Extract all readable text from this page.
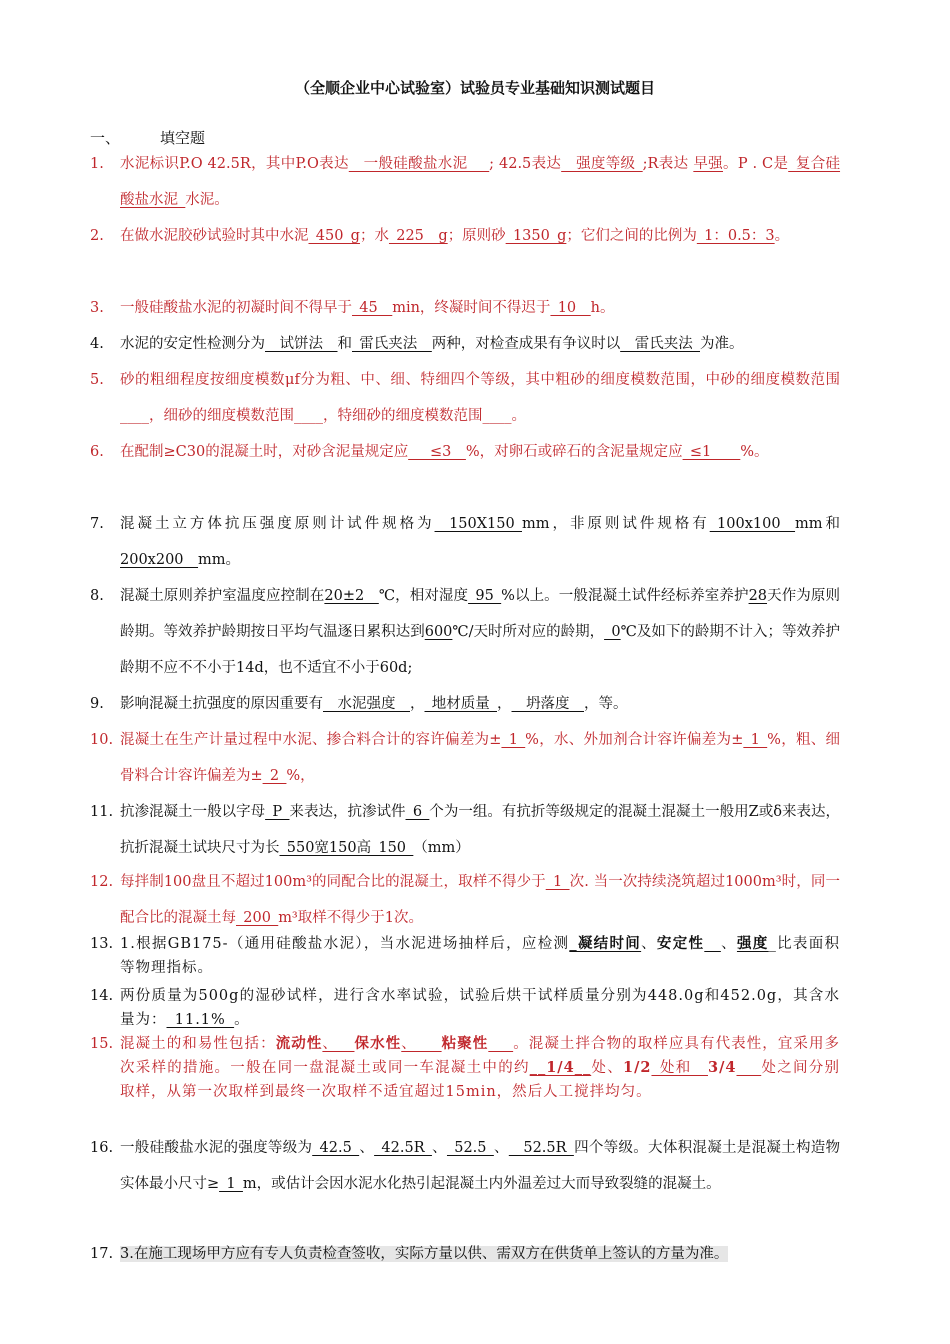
（全顺企业中心试验室）试验员专业基础知识测试题目
一、	填空题
1.	水泥标识P.O 42.5R，其中P.O表达__一般硅酸盐水泥___; 42.5表达__强度等级_;R表达 早强。P . C是_复合硅酸盐水泥_水泥。
2.	在做水泥胶砂试验时其中水泥_450_g；水_225__g；原则砂_1350_g；它们之间的比例为_1：0.5：3。
3.	一般硅酸盐水泥的初凝时间不得早于_45__min，终凝时间不得迟于_10__h。
4.	水泥的安定性检测分为__试饼法__和_雷氏夹法__两种，对检查成果有争议时以__雷氏夹法_为准。
5.	砂的粗细程度按细度模数μf分为粗、中、细、特细四个等级，其中粗砂的细度模数范围，中砂的细度模数范围____，细砂的细度模数范围____，特细砂的细度模数范围____。
6.	在配制≥C30的混凝土时，对砂含泥量规定应___≤3__%，对卵石或碎石的含泥量规定应_≤1____%。
7.	混凝土立方体抗压强度原则计试件规格为__150X150_mm，非原则试件规格有_100x100__mm和200x200__mm。
8.	混凝土原则养护室温度应控制在20±2__℃，相对湿度_95_%以上。一般混凝土试件经标养室养护28天作为原则龄期。等效养护龄期按日平均气温逐日累积达到600℃/天时所对应的龄期，_0℃及如下的龄期不计入；等效养护龄期不应不不小于14d，也不适宜不小于60d;
9.	影响混凝土抗强度的原因重要有__水泥强度__，_地材质量_，__坍落度__，等。
10. 混凝土在生产计量过程中水泥、掺合料合计的容许偏差为±_1_%，水、外加剂合计容许偏差为±_1_%，粗、细骨料合计容许偏差为±_2_%，
11. 抗渗混凝土一般以字母_P_来表达，抗渗试件_6_个为一组。有抗折等级规定的混凝土混凝土一般用Z或δ来表达，抗折混凝土试块尺寸为长_550宽150高_150_（mm）
12. 每拌制100盘且不超过100m³的同配合比的混凝土，取样不得少于_1_次. 当一次持续浇筑超过1000m³时，同一配合比的混凝土每_200_m³取样不得少于1次。
13. 1.根据GB175-（通用硅酸盐水泥），当水泥进场抽样后，应检测_凝结时间、安定性__、强度_比表面积等物理指标。
14. 两份质量为500g的湿砂试样，进行含水率试验，试验后烘干试样质量分别为448.0g和452.0g，其含水量为：_11.1%_。
15. 混凝土的和易性包括：流动性、__保水性、___粘聚性___。混凝土拌合物的取样应具有代表性，宜采用多次采样的措施。一般在同一盘混凝土或同一车混凝土中的约__1/4__处、1/2_处和__3/4___处之间分别取样，从第一次取样到最终一次取样不适宜超过15min，然后人工搅拌均匀。
16. 一般硅酸盐水泥的强度等级为_42.5_、_42.5R_、_52.5_、__52.5R_四个等级。大体积混凝土是混凝土构造物实体最小尺寸≥_1_m，或估计会因水泥水化热引起混凝土内外温差过大而导致裂缝的混凝土。
17. 3.在施工现场甲方应有专人负责检查签收，实际方量以供、需双方在供货单上签认的方量为准。
